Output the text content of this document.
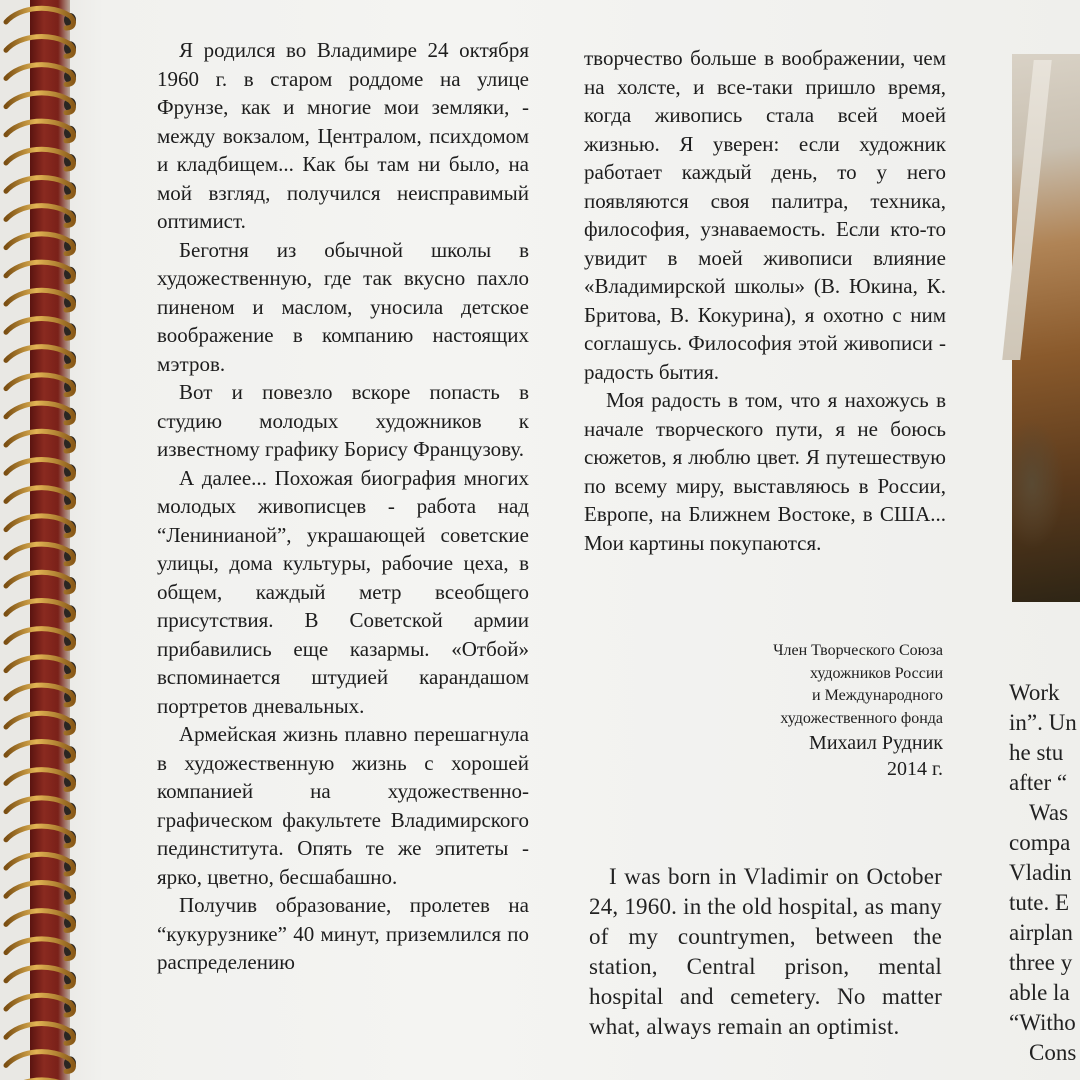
Я родился во Владимире 24 октября 1960 г. в старом роддоме на улице Фрунзе, как и многие мои земляки, - между вокзалом, Централом, психдомом и кладбищем... Как бы там ни было, на мой взгляд, получился неисправимый оптимист.

Беготня из обычной школы в художественную, где так вкусно пахло пиненом и маслом, уносила детское воображение в компанию настоящих мэтров.

Вот и повезло вскоре попасть в студию молодых художников к известному графику Борису Французову.

А далее... Похожая биография многих молодых живописцев - работа над “Лениниaной”, украшающей советские улицы, дома культуры, рабочие цеха, в общем, каждый метр всеобщего присутствия. В Советской армии прибавились еще казармы. «Отбой» вспоминается штудией карандашом портретов дневальных.

Армейская жизнь плавно перешагнула в художественную жизнь с хорошей компанией на художественно-графическом факультете Владимирского пединститута. Опять те же эпитеты - ярко, цветно, бесшабашно.

Получив образование, пролетев на “кукурузнике” 40 минут, приземлился по распределению

творчество больше в воображении, чем на холсте, и все-таки пришло время, когда живопись стала всей моей жизнью. Я уверен: если художник работает каждый день, то у него появляются своя палитра, техника, философия, узнаваемость. Если кто-то увидит в моей живописи влияние «Владимирской школы» (В. Юкина, К. Бритова, В. Кокурина), я охотно с ним соглашусь. Философия этой живописи - радость бытия.

Моя радость в том, что я нахожусь в начале творческого пути, я не боюсь сюжетов, я люблю цвет. Я путешествую по всему миру, выставляюсь в России, Европе, на Ближнем Востоке, в США... Мои картины покупаются.

Член Творческого Союза
художников России
и Международного
художественного фонда
Михаил Рудник
2014 г.

I was born in Vladimir on October 24, 1960. in the old hospital, as many of my countrymen, between the station, Central prison, mental hospital and cemetery. No matter what, always remain an optimist.

Work
in”. Un
he stu
after “
Was
compa
Vladin
tute. E
airplan
three y
able la
“Witho
Cons
